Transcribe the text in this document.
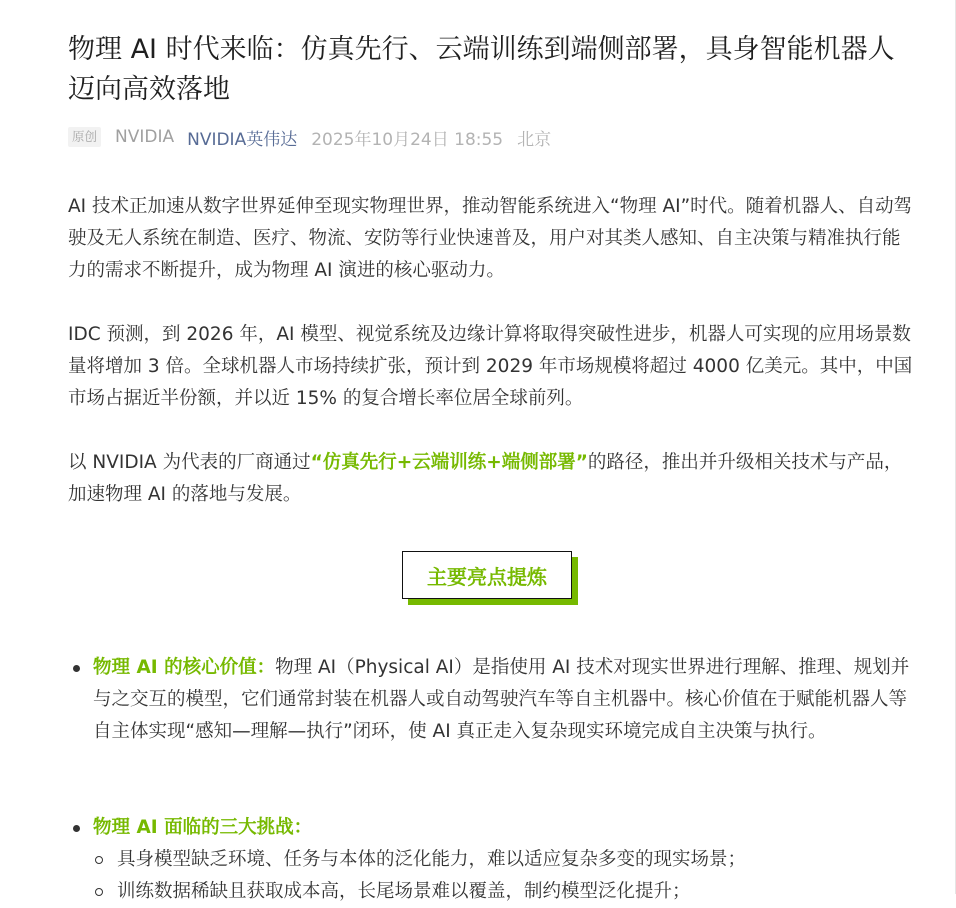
物理 AI 时代来临：仿真先行、云端训练到端侧部署，具身智能机器人迈向高效落地
原创 NVIDIA NVIDIA英伟达 2025年10月24日 18:55 北京

AI 技术正加速从数字世界延伸至现实物理世界，推动智能系统进入“物理 AI”时代。随着机器人、自动驾驶及无人系统在制造、医疗、物流、安防等行业快速普及，用户对其类人感知、自主决策与精准执行能力的需求不断提升，成为物理 AI 演进的核心驱动力。

IDC 预测，到 2026 年，AI 模型、视觉系统及边缘计算将取得突破性进步，机器人可实现的应用场景数量将增加 3 倍。全球机器人市场持续扩张，预计到 2029 年市场规模将超过 4000 亿美元。其中，中国市场占据近半份额，并以近 15% 的复合增长率位居全球前列。

以 NVIDIA 为代表的厂商通过“仿真先行+云端训练+端侧部署”的路径，推出并升级相关技术与产品，加速物理 AI 的落地与发展。

主要亮点提炼
物理 AI 的核心价值：物理 AI（Physical AI）是指使用 AI 技术对现实世界进行理解、推理、规划并与之交互的模型，它们通常封装在机器人或自动驾驶汽车等自主机器中。核心价值在于赋能机器人等自主体实现“感知—理解—执行”闭环，使 AI 真正走入复杂现实环境完成自主决策与执行。
物理 AI 面临的三大挑战：
具身模型缺乏环境、任务与本体的泛化能力，难以适应复杂多变的现实场景；
训练数据稀缺且获取成本高，长尾场景难以覆盖，制约模型泛化提升；
